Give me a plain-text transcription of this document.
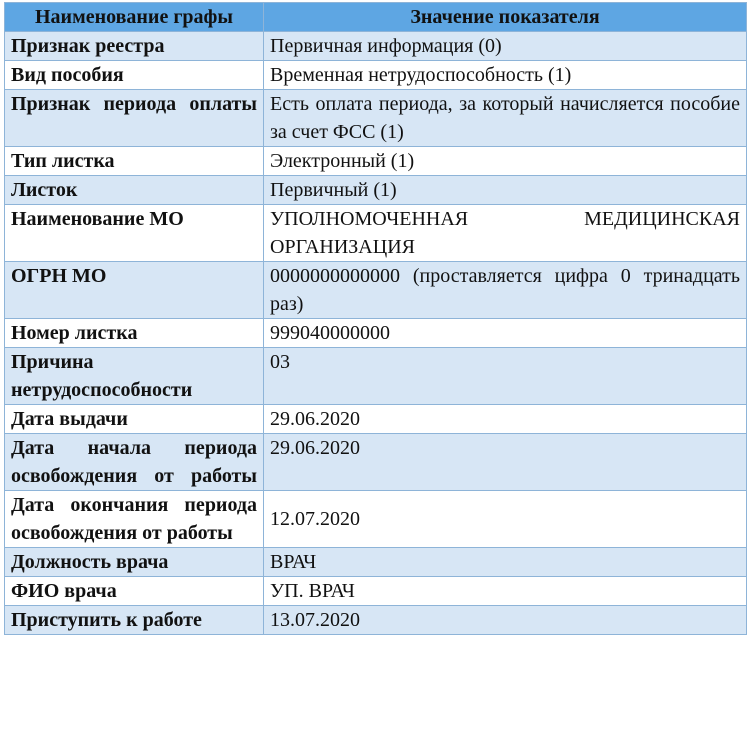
Наименование графы	Значение показателя
Признак реестра	Первичная информация (0)
Вид пособия	Временная нетрудоспособность (1)
Признак периода оплаты	Есть оплата периода, за который начисляется пособие за счет ФСС (1)
Тип листка	Электронный (1)
Листок	Первичный (1)
Наименование МО	УПОЛНОМОЧЕННАЯ МЕДИЦИНСКАЯ ОРГАНИЗАЦИЯ
ОГРН МО	0000000000000 (проставляется цифра 0 тринадцать раз)
Номер листка	999040000000
Причина нетрудоспособности	03
Дата выдачи	29.06.2020
Дата начала периода освобождения от работы	29.06.2020
Дата окончания периода освобождения от работы	12.07.2020
Должность врача	ВРАЧ
ФИО врача	УП. ВРАЧ
Приступить к работе	13.07.2020
